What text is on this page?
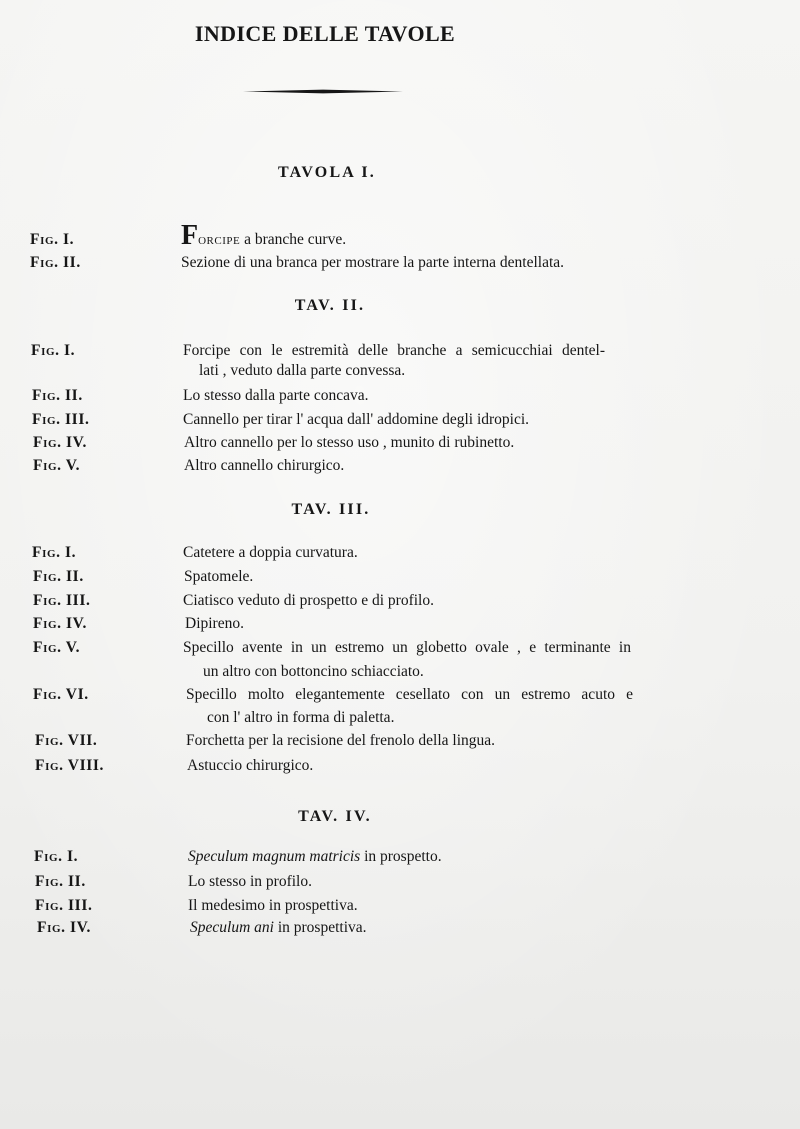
INDICE DELLE TAVOLE
TAVOLA I.
Fig. I.	Forcipe a branche curve.
Fig. II.	Sezione di una branca per mostrare la parte interna dentellata.
TAV. II.
Fig. I.	Forcipe con le estremità delle branche a semicucchiai dentel-
lati , veduto dalla parte convessa.
Fig. II.	Lo stesso dalla parte concava.
Fig. III.	Cannello per tirar l' acqua dall' addomine degli idropici.
Fig. IV.	Altro cannello per lo stesso uso , munito di rubinetto.
Fig. V.	Altro cannello chirurgico.
TAV. III.
Fig. I.	Catetere a doppia curvatura.
Fig. II.	Spatomele.
Fig. III.	Ciatisco veduto di prospetto e di profilo.
Fig. IV.	Dipireno.
Fig. V.	Specillo avente in un estremo un globetto ovale , e terminante in
un altro con bottoncino schiacciato.
Fig. VI.	Specillo molto elegantemente cesellato con un estremo acuto e
con l' altro in forma di paletta.
Fig. VII.	Forchetta per la recisione del frenolo della lingua.
Fig. VIII.	Astuccio chirurgico.
TAV. IV.
Fig. I.	Speculum magnum matricis in prospetto.
Fig. II.	Lo stesso in profilo.
Fig. III.	Il medesimo in prospettiva.
Fig. IV.	Speculum ani in prospettiva.
